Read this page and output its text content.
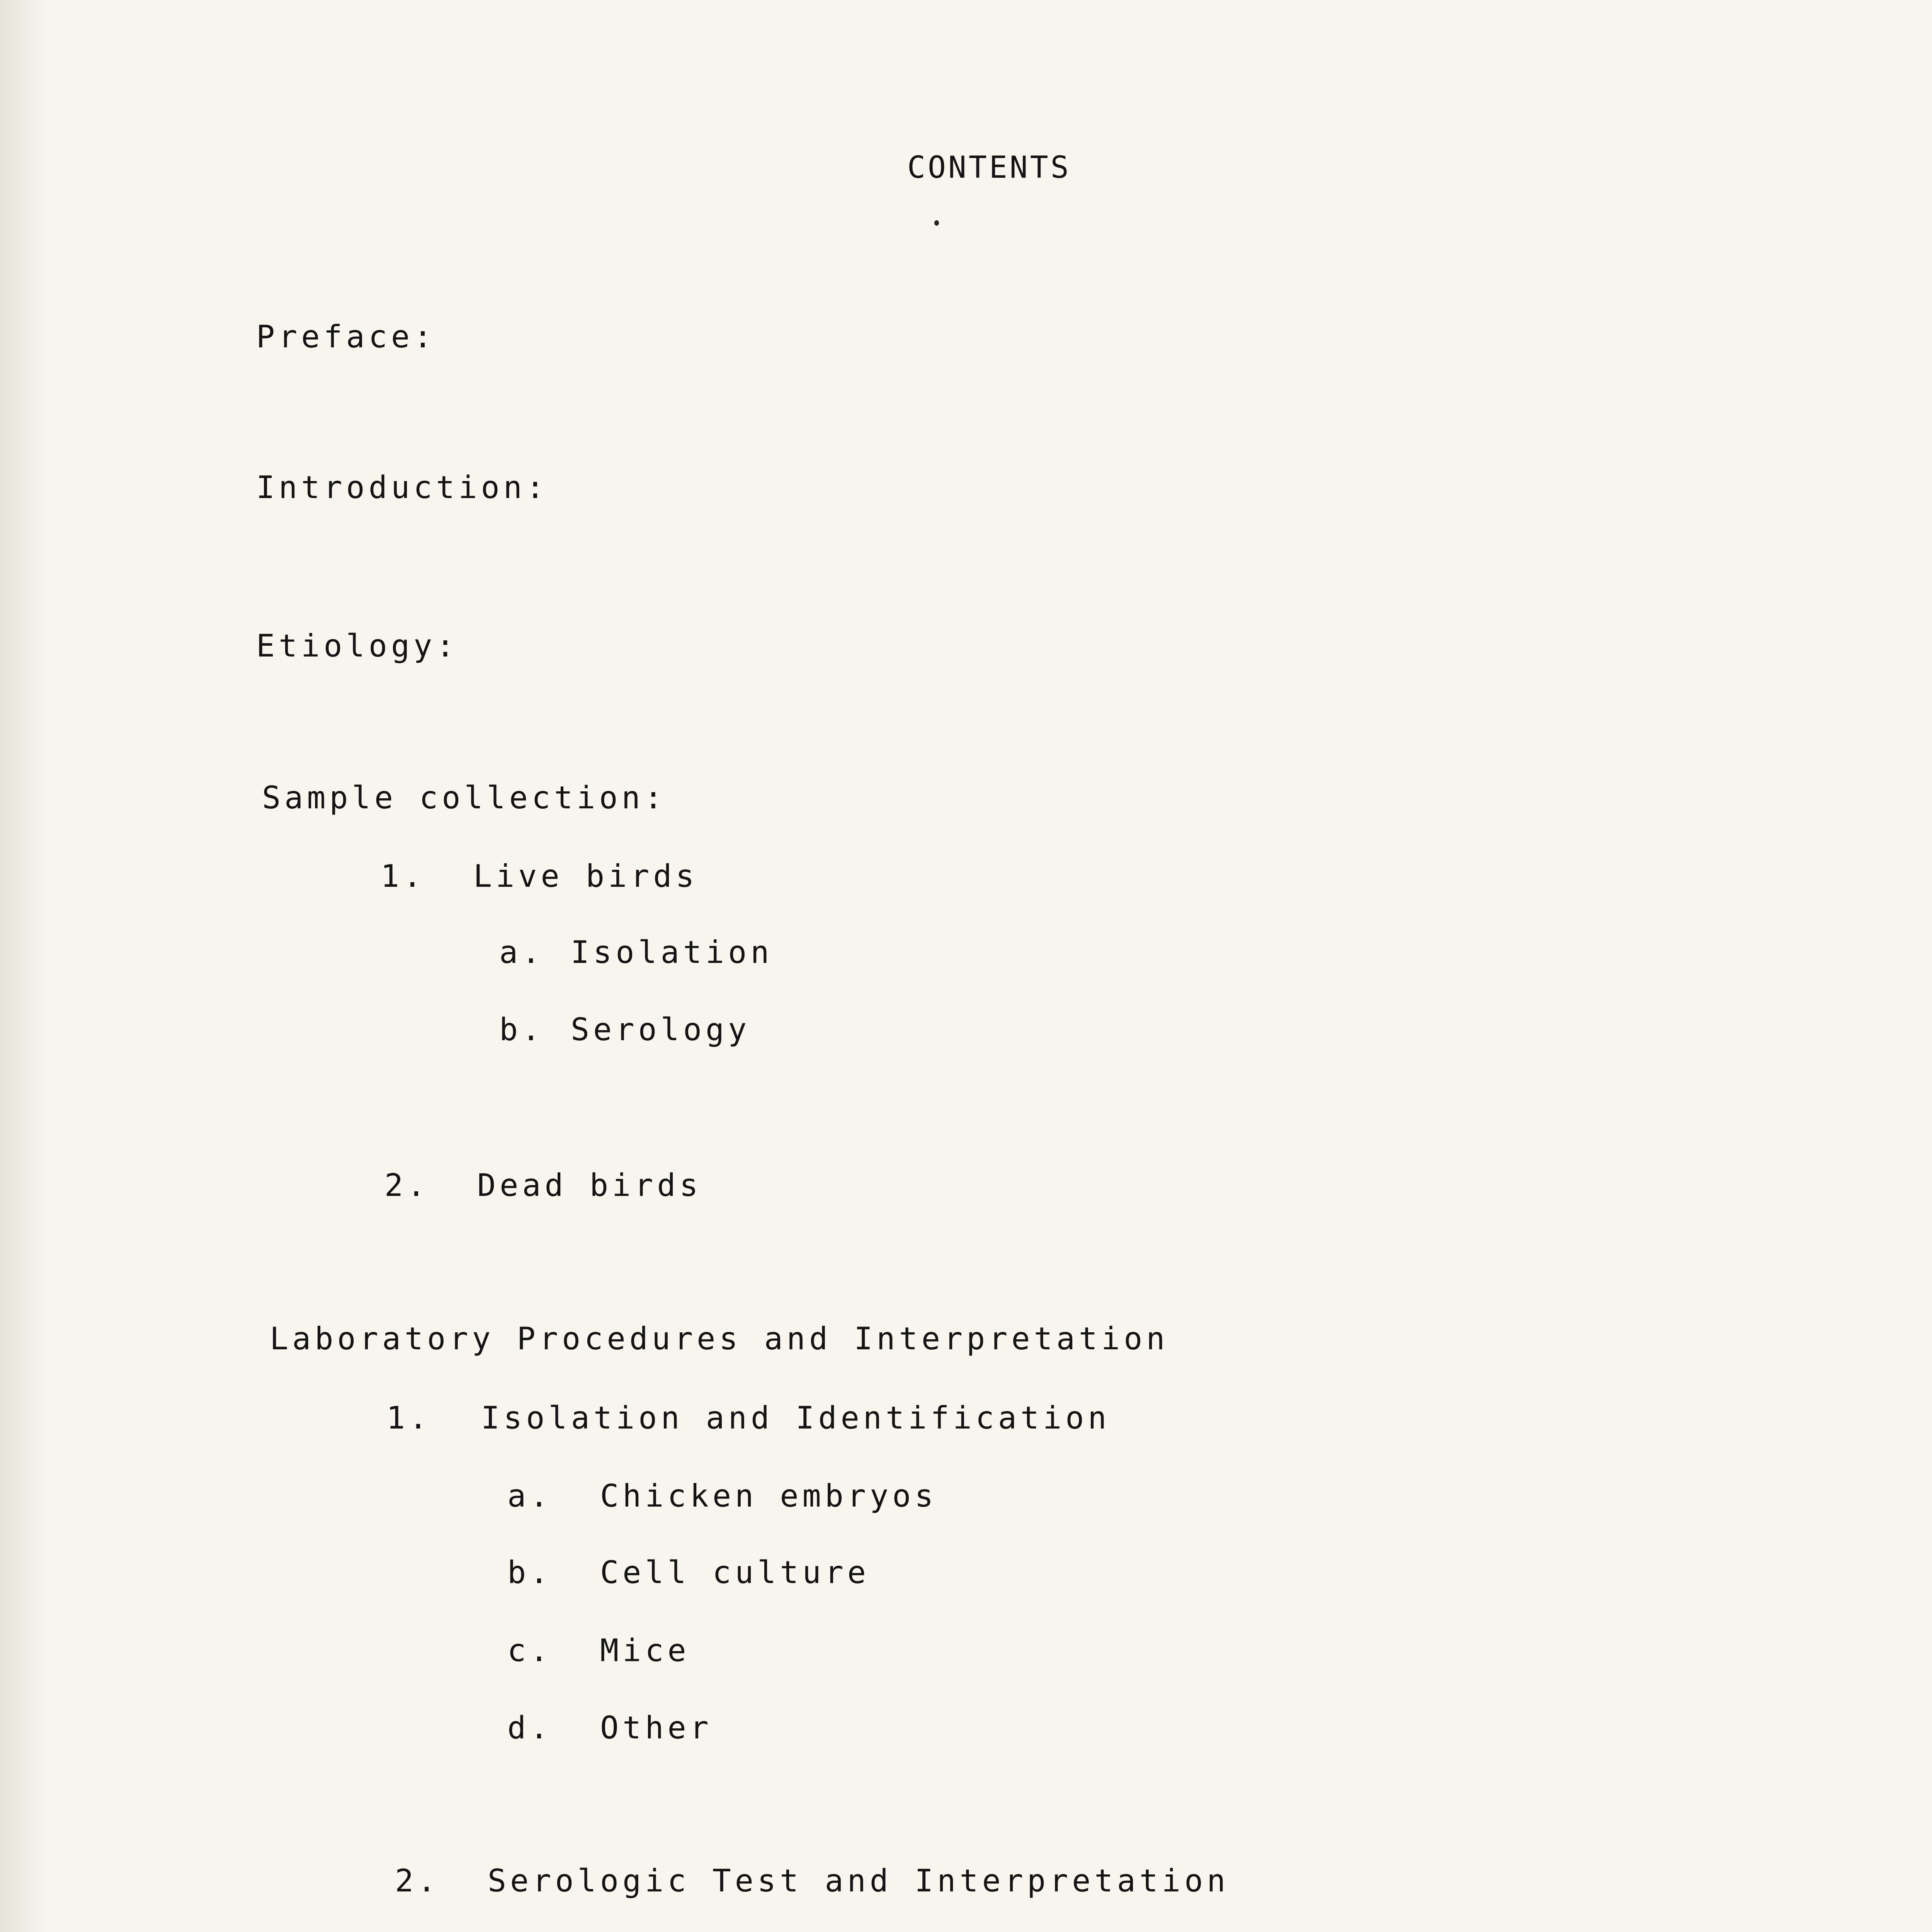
CONTENTS
Preface:
Introduction:
Etiology:
Sample collection:
1. Live birds
a. Isolation
b. Serology
2. Dead birds
Laboratory Procedures and Interpretation
1. Isolation and Identification
a. Chicken embryos
b. Cell culture
c. Mice
d. Other
2. Serologic Test and Interpretation
